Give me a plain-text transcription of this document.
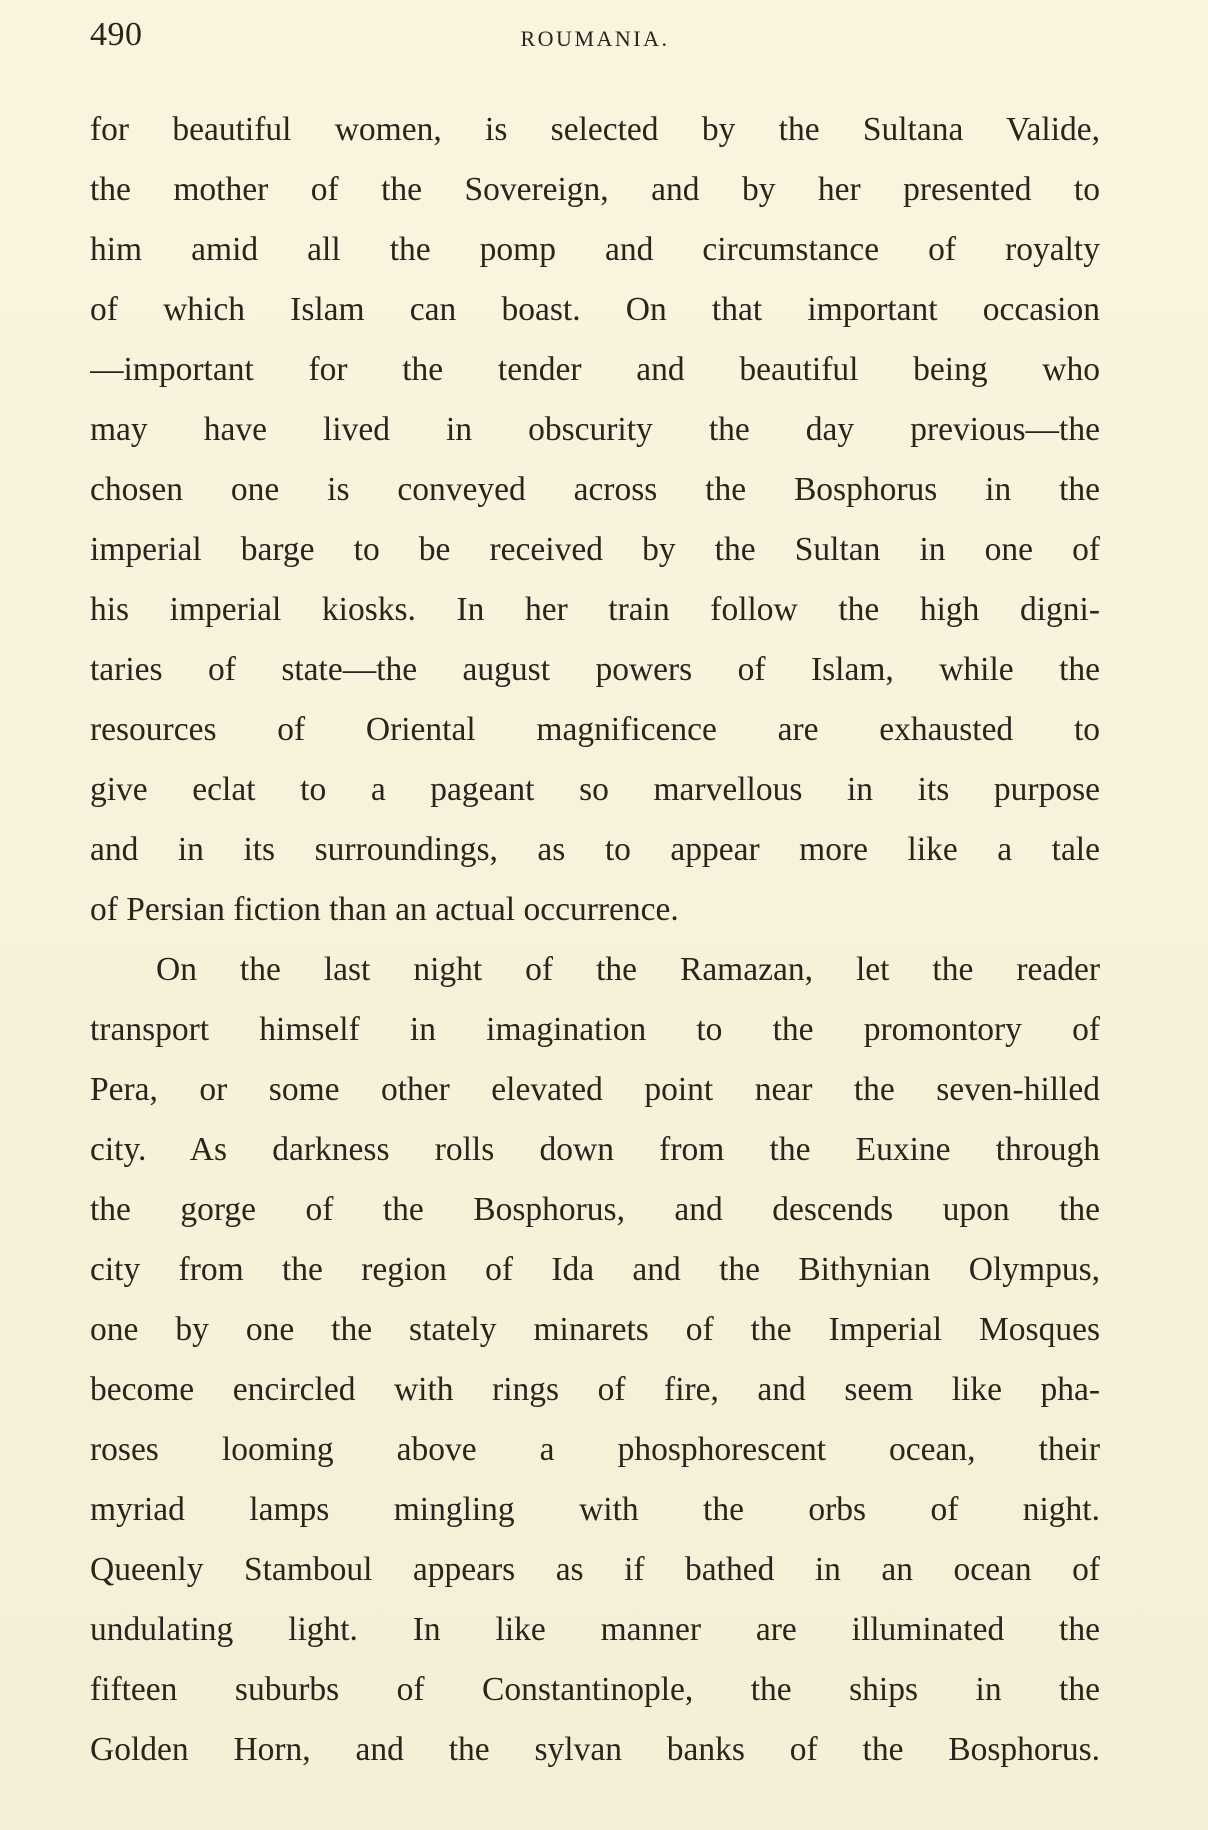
490	ROUMANIA.
for beautiful women, is selected by the Sultana Valide,
the mother of the Sovereign, and by her presented to
him amid all the pomp and circumstance of royalty
of which Islam can boast. On that important occasion
—important for the tender and beautiful being who
may have lived in obscurity the day previous—the
chosen one is conveyed across the Bosphorus in the
imperial barge to be received by the Sultan in one of
his imperial kiosks. In her train follow the high digni-
taries of state—the august powers of Islam, while the
resources of Oriental magnificence are exhausted to
give eclat to a pageant so marvellous in its purpose
and in its surroundings, as to appear more like a tale
of Persian fiction than an actual occurrence.
On the last night of the Ramazan, let the reader
transport himself in imagination to the promontory of
Pera, or some other elevated point near the seven-hilled
city. As darkness rolls down from the Euxine through
the gorge of the Bosphorus, and descends upon the
city from the region of Ida and the Bithynian Olympus,
one by one the stately minarets of the Imperial Mosques
become encircled with rings of fire, and seem like pha-
roses looming above a phosphorescent ocean, their
myriad lamps mingling with the orbs of night.
Queenly Stamboul appears as if bathed in an ocean of
undulating light. In like manner are illuminated the
fifteen suburbs of Constantinople, the ships in the
Golden Horn, and the sylvan banks of the Bosphorus.
